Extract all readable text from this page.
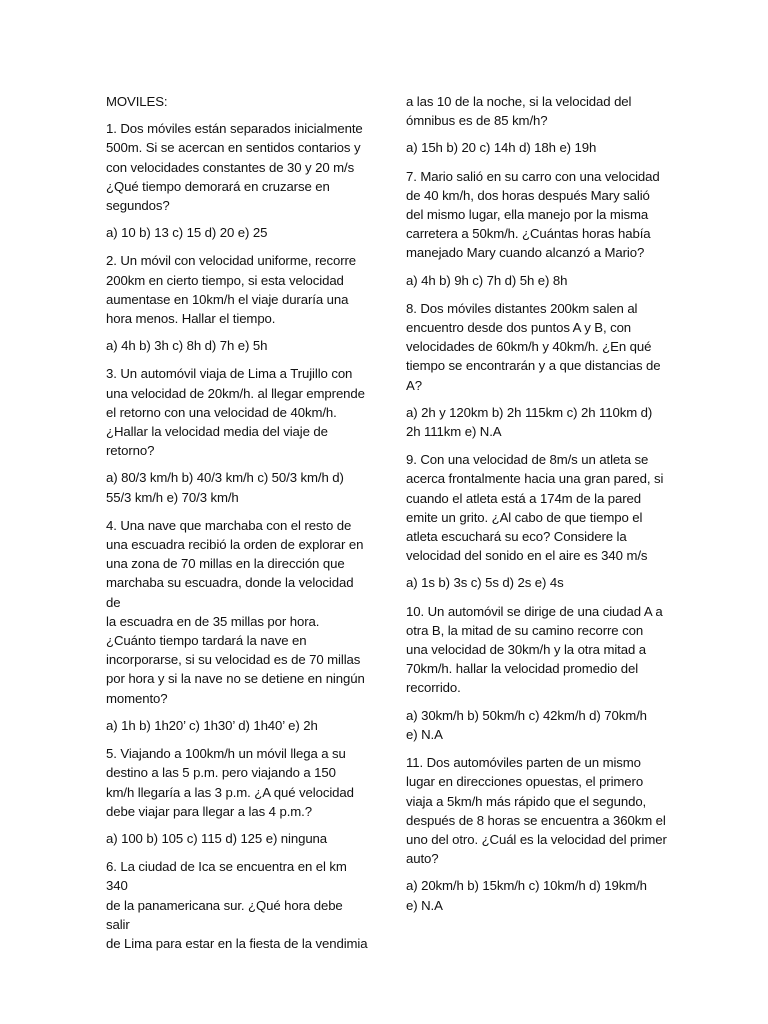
MOVILES:

1. Dos móviles están separados inicialmente
500m. Si se acercan en sentidos contarios y
con velocidades constantes de 30 y 20 m/s
¿Qué tiempo demorará en cruzarse en
segundos?

a) 10 b) 13 c) 15 d) 20 e) 25

2. Un móvil con velocidad uniforme, recorre
200km en cierto tiempo, si esta velocidad
aumentase en 10km/h el viaje duraría una
hora menos. Hallar el tiempo.

a) 4h b) 3h c) 8h d) 7h e) 5h

3. Un automóvil viaja de Lima a Trujillo con
una velocidad de 20km/h. al llegar emprende
el retorno con una velocidad de 40km/h.
¿Hallar la velocidad media del viaje de
retorno?

a) 80/3 km/h b) 40/3 km/h c) 50/3 km/h d)
55/3 km/h e) 70/3 km/h

4. Una nave que marchaba con el resto de
una escuadra recibió la orden de explorar en
una zona de 70 millas en la dirección que
marchaba su escuadra, donde la velocidad de
la escuadra en de 35 millas por hora.
¿Cuánto tiempo tardará la nave en
incorporarse, si su velocidad es de 70 millas
por hora y si la nave no se detiene en ningún
momento?

a) 1h b) 1h20’ c) 1h30’ d) 1h40’ e) 2h

5. Viajando a 100km/h un móvil llega a su
destino a las 5 p.m. pero viajando a 150
km/h llegaría a las 3 p.m. ¿A qué velocidad
debe viajar para llegar a las 4 p.m.?

a) 100 b) 105 c) 115 d) 125 e) ninguna

6. La ciudad de Ica se encuentra en el km 340
de la panamericana sur. ¿Qué hora debe salir
de Lima para estar en la fiesta de la vendimia

a las 10 de la noche, si la velocidad del
ómnibus es de 85 km/h?

a) 15h b) 20 c) 14h d) 18h e) 19h

7. Mario salió en su carro con una velocidad
de 40 km/h, dos horas después Mary salió
del mismo lugar, ella manejo por la misma
carretera a 50km/h. ¿Cuántas horas había
manejado Mary cuando alcanzó a Mario?

a) 4h b) 9h c) 7h d) 5h e) 8h

8. Dos móviles distantes 200km salen al
encuentro desde dos puntos A y B, con
velocidades de 60km/h y 40km/h. ¿En qué
tiempo se encontrarán y a que distancias de
A?

a) 2h y 120km b) 2h 115km c) 2h 110km d)
2h 111km e) N.A

9. Con una velocidad de 8m/s un atleta se
acerca frontalmente hacia una gran pared, si
cuando el atleta está a 174m de la pared
emite un grito. ¿Al cabo de que tiempo el
atleta escuchará su eco? Considere la
velocidad del sonido en el aire es 340 m/s

a) 1s b) 3s c) 5s d) 2s e) 4s

10. Un automóvil se dirige de una ciudad A a
otra B, la mitad de su camino recorre con
una velocidad de 30km/h y la otra mitad a
70km/h. hallar la velocidad promedio del
recorrido.

a) 30km/h b) 50km/h c) 42km/h d) 70km/h
e) N.A

11. Dos automóviles parten de un mismo
lugar en direcciones opuestas, el primero
viaja a 5km/h más rápido que el segundo,
después de 8 horas se encuentra a 360km el
uno del otro. ¿Cuál es la velocidad del primer
auto?

a) 20km/h b) 15km/h c) 10km/h d) 19km/h
e) N.A
